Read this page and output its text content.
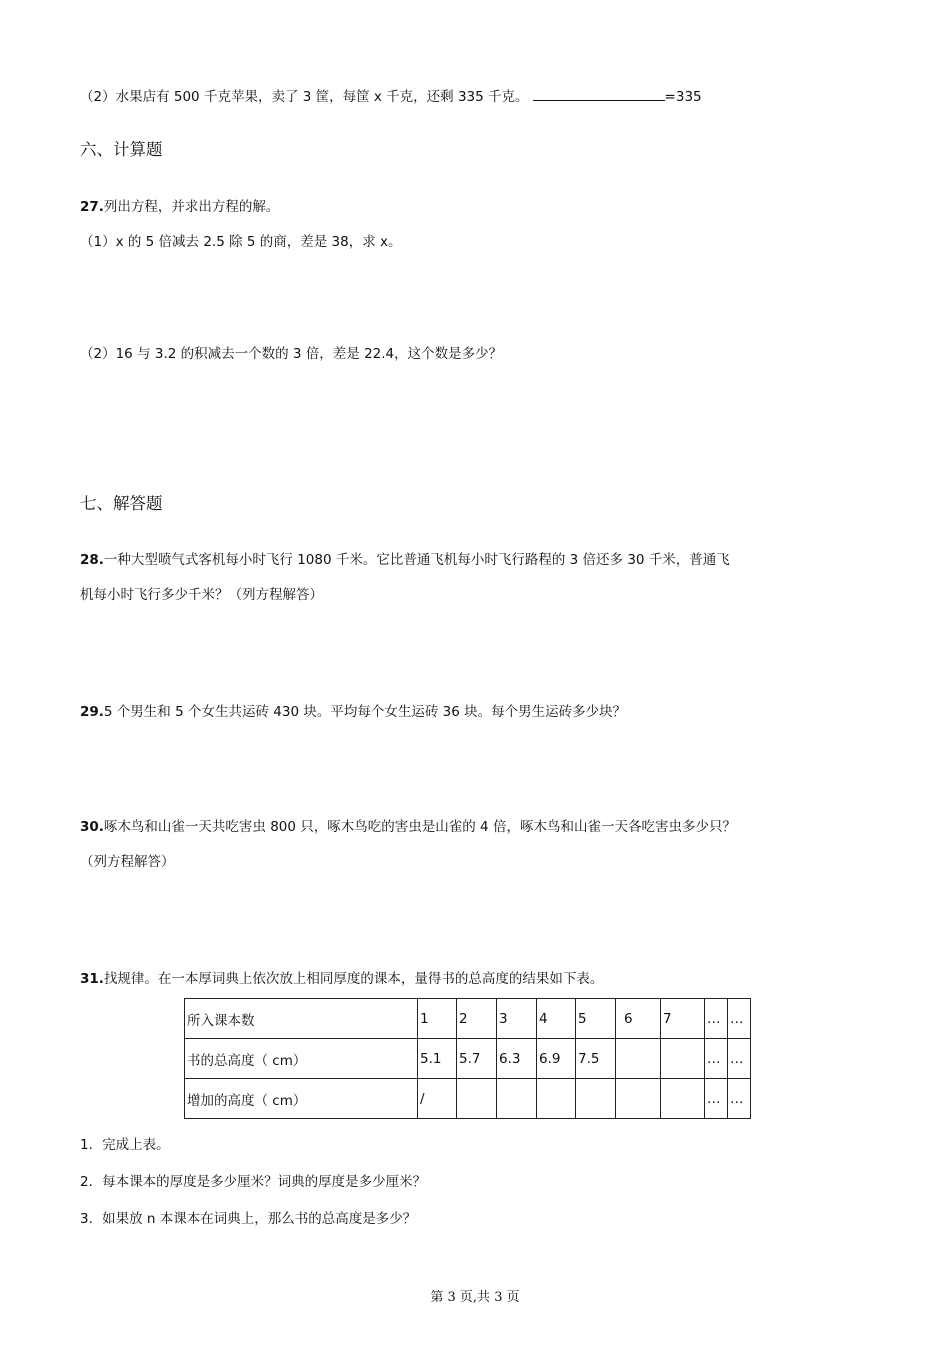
（2）水果店有 500 千克苹果，卖了 3 筐，每筐 x 千克，还剩 335 千克。	=335
六、计算题
27.列出方程，并求出方程的解。
（1）x 的 5 倍减去 2.5 除 5 的商，差是 38，求 x。
（2）16 与 3.2 的积减去一个数的 3 倍，差是 22.4，这个数是多少？
七、解答题
28.一种大型喷气式客机每小时飞行 1080 千米。它比普通飞机每小时飞行路程的 3 倍还多 30 千米，普通飞
机每小时飞行多少千米？（列方程解答）
29.5 个男生和 5 个女生共运砖 430 块。平均每个女生运砖 36 块。每个男生运砖多少块？
30.啄木鸟和山雀一天共吃害虫 800 只，啄木鸟吃的害虫是山雀的 4 倍，啄木鸟和山雀一天各吃害虫多少只？
（列方程解答）
31.找规律。在一本厚词典上依次放上相同厚度的课本，量得书的总高度的结果如下表。
所入课本数	1	2	3	4	5	6	7	…	…
书的总高度（ cm）	5.1	5.7	6.3	6.9	7.5			…	…
增加的高度（ cm）	/							…	…
1．完成上表。
2．每本课本的厚度是多少厘米？词典的厚度是多少厘米？
3．如果放 n 本课本在词典上，那么书的总高度是多少？
第 3 页,共 3 页
